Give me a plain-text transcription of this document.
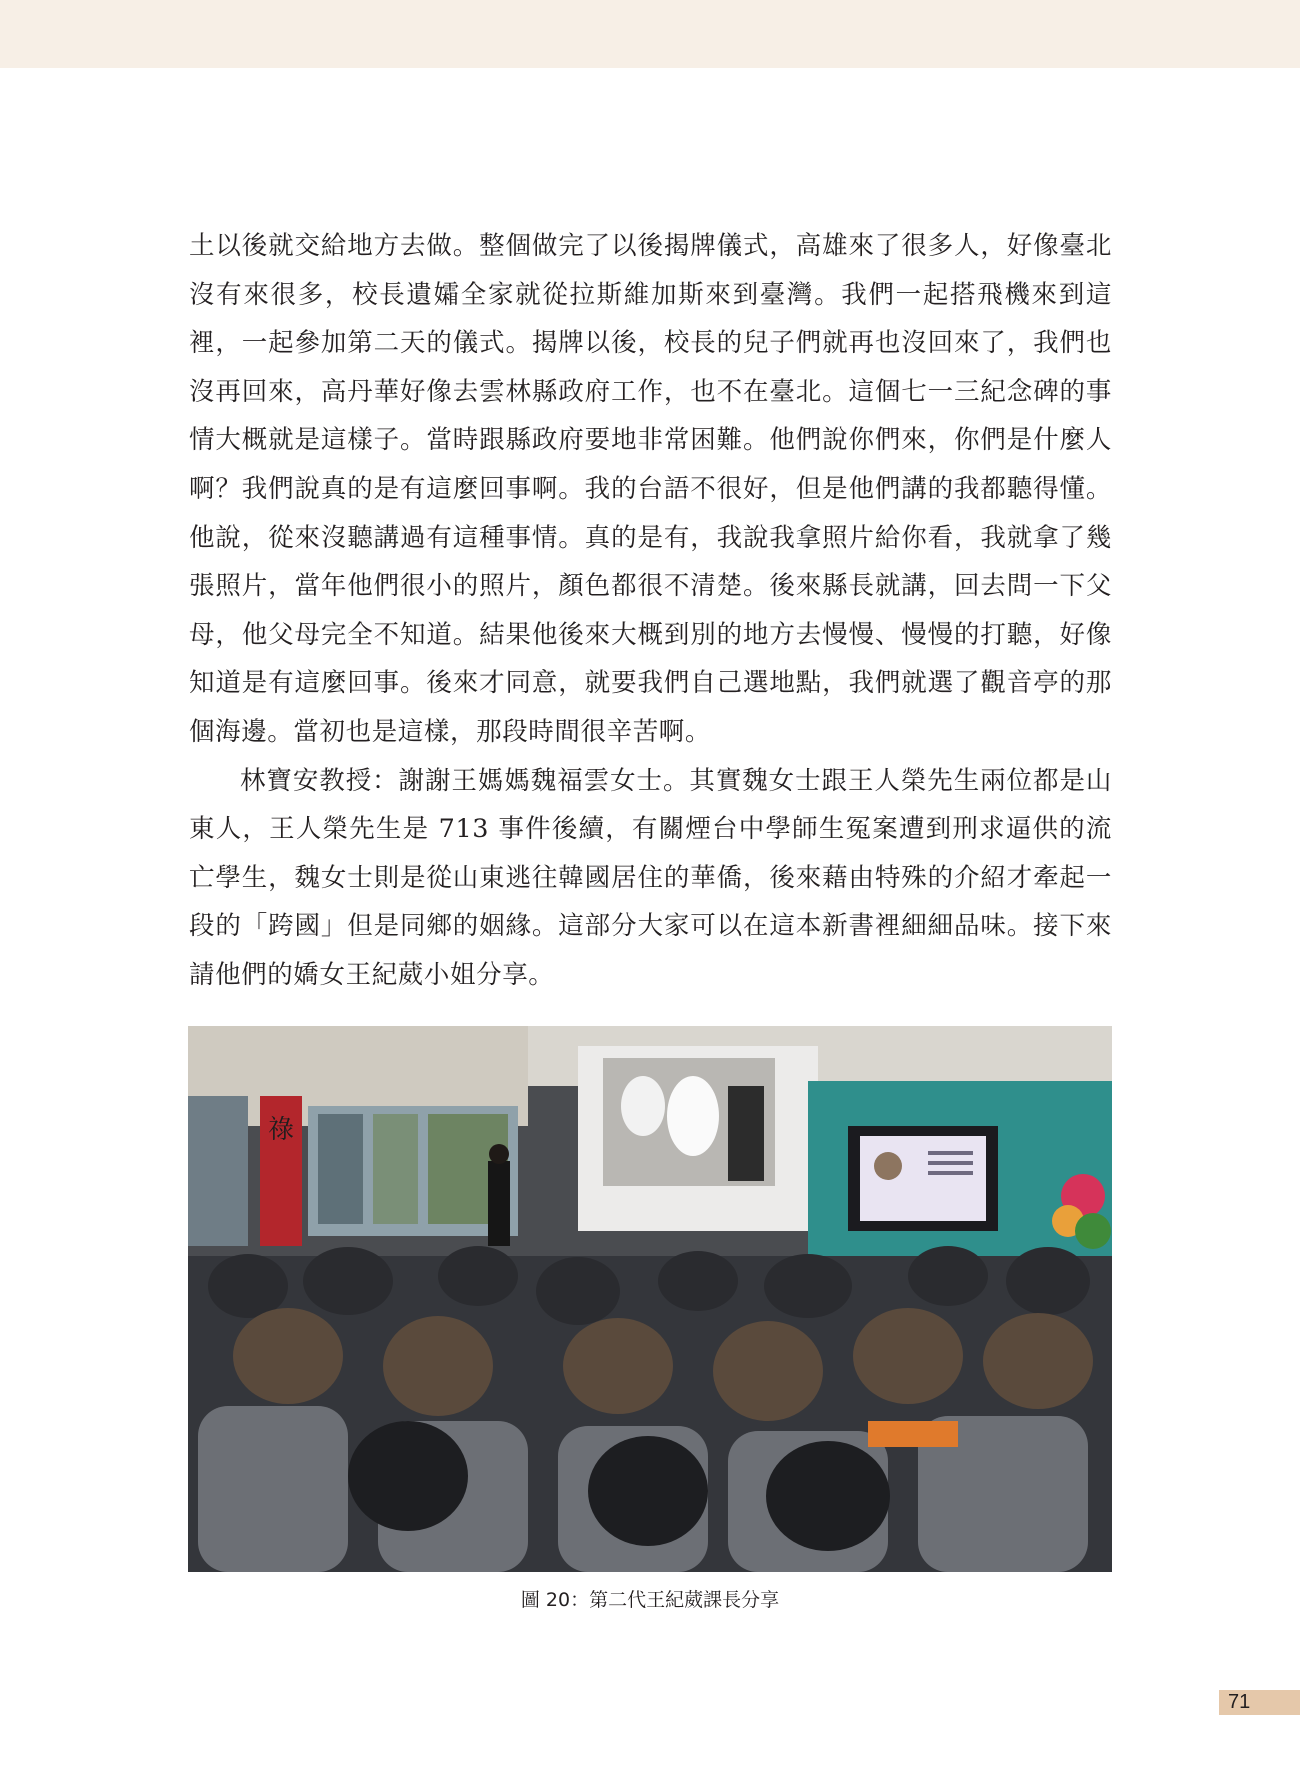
土以後就交給地方去做。整個做完了以後揭牌儀式，高雄來了很多人，好像臺北沒有來很多，校長遺孀全家就從拉斯維加斯來到臺灣。我們一起搭飛機來到這裡，一起參加第二天的儀式。揭牌以後，校長的兒子們就再也沒回來了，我們也沒再回來，高丹華好像去雲林縣政府工作，也不在臺北。這個七一三紀念碑的事情大概就是這樣子。當時跟縣政府要地非常困難。他們說你們來，你們是什麼人啊？我們說真的是有這麼回事啊。我的台語不很好，但是他們講的我都聽得懂。他說，從來沒聽講過有這種事情。真的是有，我說我拿照片給你看，我就拿了幾張照片，當年他們很小的照片，顏色都很不清楚。後來縣長就講，回去問一下父母，他父母完全不知道。結果他後來大概到別的地方去慢慢、慢慢的打聽，好像知道是有這麼回事。後來才同意，就要我們自己選地點，我們就選了觀音亭的那個海邊。當初也是這樣，那段時間很辛苦啊。

林寶安教授：謝謝王媽媽魏福雲女士。其實魏女士跟王人榮先生兩位都是山東人，王人榮先生是 713 事件後續，有關煙台中學師生冤案遭到刑求逼供的流亡學生，魏女士則是從山東逃往韓國居住的華僑，後來藉由特殊的介紹才牽起一段的「跨國」但是同鄉的姻緣。這部分大家可以在這本新書裡細細品味。接下來請他們的嬌女王紀葳小姐分享。

祿
圖 20：第二代王紀葳課長分享
71
